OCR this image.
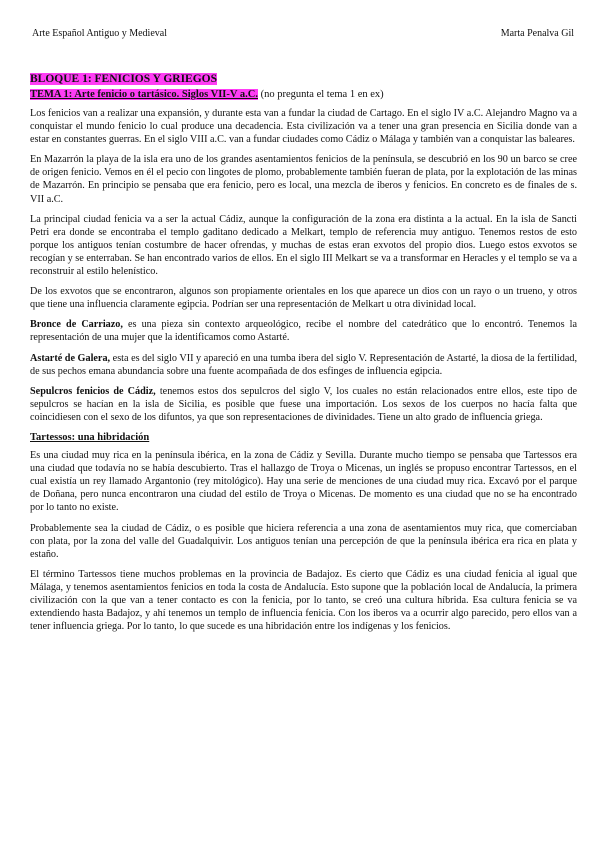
Arte Español Antiguo y Medieval	Marta Penalva Gil
BLOQUE 1: FENICIOS Y GRIEGOS
TEMA 1: Arte fenicio o tartásico. Siglos VII-V a.C. (no pregunta el tema 1 en ex)

Los fenicios van a realizar una expansión, y durante esta van a fundar la ciudad de Cartago. En el siglo IV a.C. Alejandro Magno va a conquistar el mundo fenicio lo cual produce una decadencia. Esta civilización va a tener una gran presencia en Sicilia donde van a estar en constantes guerras. En el siglo VIII a.C. van a fundar ciudades como Cádiz o Málaga y también van a conquistar las baleares.

En Mazarrón la playa de la isla era uno de los grandes asentamientos fenicios de la península, se descubrió en los 90 un barco se cree de origen fenicio. Vemos en él el pecio con lingotes de plomo, probablemente también fueran de plata, por la explotación de las minas de Mazarrón. En principio se pensaba que era fenicio, pero es local, una mezcla de iberos y fenicios. En concreto es de finales de s. VII a.C.

La principal ciudad fenicia va a ser la actual Cádiz, aunque la configuración de la zona era distinta a la actual. En la isla de Sancti Petri era donde se encontraba el templo gaditano dedicado a Melkart, templo de referencia muy antiguo. Tenemos restos de esto porque los antiguos tenían costumbre de hacer ofrendas, y muchas de estas eran exvotos del propio dios. Luego estos exvotos se recogían y se enterraban. Se han encontrado varios de ellos. En el siglo III Melkart se va a transformar en Heracles y el templo se va a reconstruir al estilo helenístico.

De los exvotos que se encontraron, algunos son propiamente orientales en los que aparece un dios con un rayo o un trueno, y otros que tiene una influencia claramente egipcia. Podrían ser una representación de Melkart u otra divinidad local.

Bronce de Carriazo, es una pieza sin contexto arqueológico, recibe el nombre del catedrático que lo encontró. Tenemos la representación de una mujer que la identificamos como Astarté.

Astarté de Galera, esta es del siglo VII y apareció en una tumba ibera del siglo V. Representación de Astarté, la diosa de la fertilidad, de sus pechos emana abundancia sobre una fuente acompañada de dos esfinges de influencia egipcia.

Sepulcros fenicios de Cádiz, tenemos estos dos sepulcros del siglo V, los cuales no están relacionados entre ellos, este tipo de sepulcros se hacían en la isla de Sicilia, es posible que fuese una importación. Los sexos de los cuerpos no hacía falta que coincidiesen con el sexo de los difuntos, ya que son representaciones de divinidades. Tiene un alto grado de influencia griega.

Tartessos: una hibridación

Es una ciudad muy rica en la península ibérica, en la zona de Cádiz y Sevilla. Durante mucho tiempo se pensaba que Tartessos era una ciudad que todavía no se había descubierto. Tras el hallazgo de Troya o Micenas, un inglés se propuso encontrar Tartessos, en el cual existía un rey llamado Argantonio (rey mitológico). Hay una serie de menciones de una ciudad muy rica. Excavó por el parque de Doñana, pero nunca encontraron una ciudad del estilo de Troya o Micenas. De momento es una ciudad que no se ha encontrado por lo tanto no existe.

Probablemente sea la ciudad de Cádiz, o es posible que hiciera referencia a una zona de asentamientos muy rica, que comerciaban con plata, por la zona del valle del Guadalquivir. Los antiguos tenían una percepción de que la península ibérica era rica en plata y estaño.

El término Tartessos tiene muchos problemas en la provincia de Badajoz. Es cierto que Cádiz es una ciudad fenicia al igual que Málaga, y tenemos asentamientos fenicios en toda la costa de Andalucía. Esto supone que la población local de Andalucía, la primera civilización con la que van a tener contacto es con la fenicia, por lo tanto, se creó una cultura híbrida. Esa cultura fenicia se va extendiendo hasta Badajoz, y ahí tenemos un templo de influencia fenicia. Con los iberos va a ocurrir algo parecido, pero ellos van a tener influencia griega. Por lo tanto, lo que sucede es una hibridación entre los indígenas y los fenicios.
